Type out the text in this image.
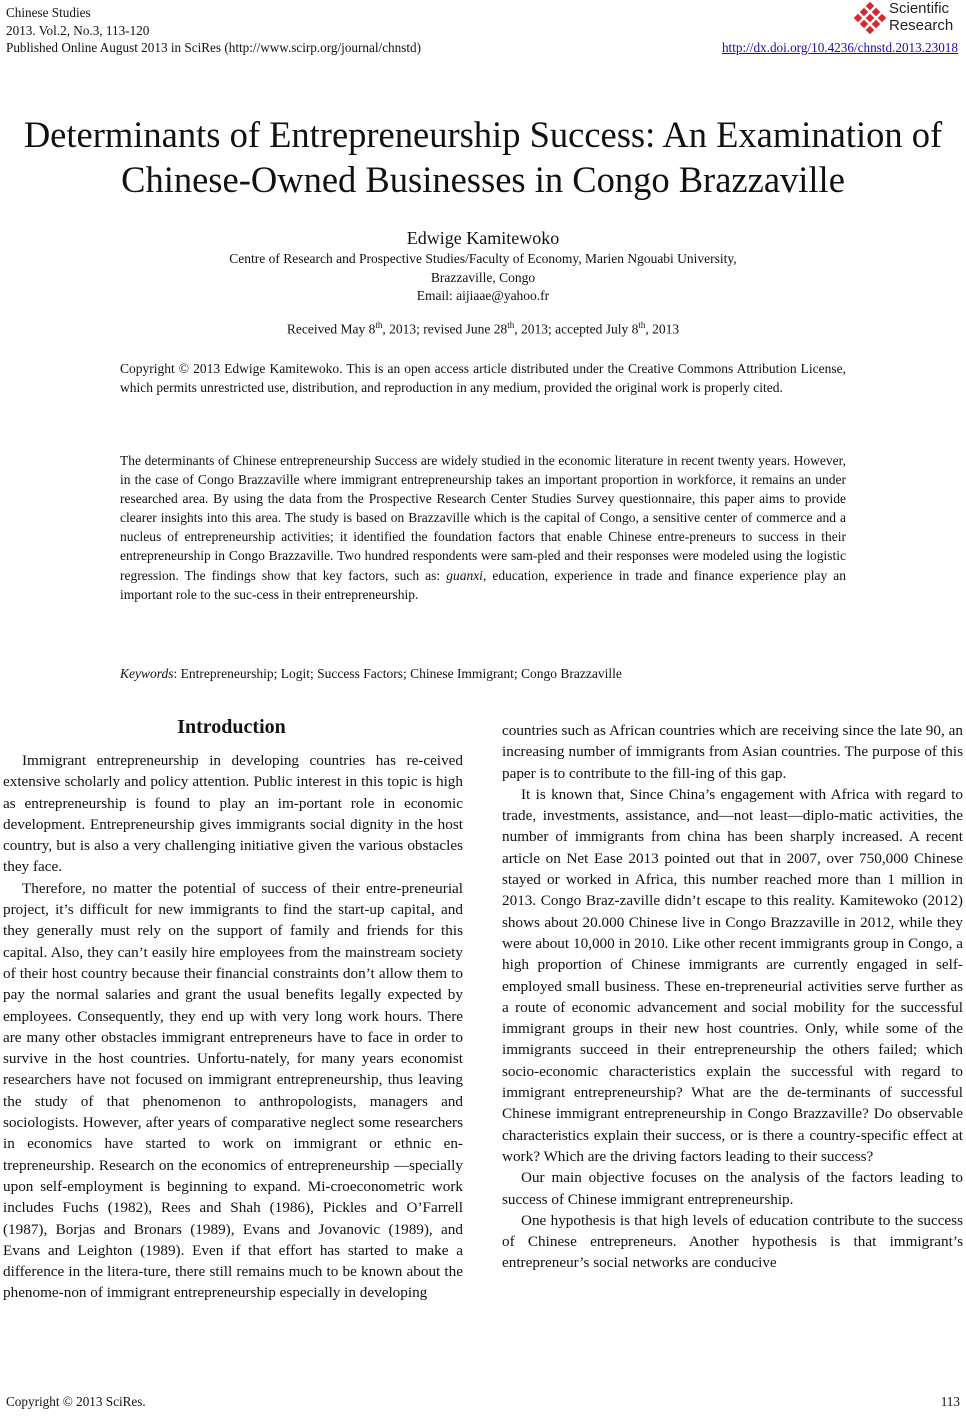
Chinese Studies
2013. Vol.2, No.3, 113-120
Published Online August 2013 in SciRes (http://www.scirp.org/journal/chnstd)
Scientific
Research
http://dx.doi.org/10.4236/chnstd.2013.23018
Determinants of Entrepreneurship Success: An Examination of
Chinese-Owned Businesses in Congo Brazzaville
Edwige Kamitewoko
Centre of Research and Prospective Studies/Faculty of Economy, Marien Ngouabi University,
Brazzaville, Congo
Email: aijiaae@yahoo.fr
Received May 8th, 2013; revised June 28th, 2013; accepted July 8th, 2013
Copyright © 2013 Edwige Kamitewoko. This is an open access article distributed under the Creative Commons Attribution License, which permits unrestricted use, distribution, and reproduction in any medium, provided the original work is properly cited.
The determinants of Chinese entrepreneurship Success are widely studied in the economic literature in recent twenty years. However, in the case of Congo Brazzaville where immigrant entrepreneurship takes an important proportion in workforce, it remains an under researched area. By using the data from the Prospective Research Center Studies Survey questionnaire, this paper aims to provide clearer insights into this area. The study is based on Brazzaville which is the capital of Congo, a sensitive center of commerce and a nucleus of entrepreneurship activities; it identified the foundation factors that enable Chinese entre-preneurs to success in their entrepreneurship in Congo Brazzaville. Two hundred respondents were sam-pled and their responses were modeled using the logistic regression. The findings show that key factors, such as: guanxi, education, experience in trade and finance experience play an important role to the suc-cess in their entrepreneurship.
Keywords: Entrepreneurship; Logit; Success Factors; Chinese Immigrant; Congo Brazzaville
Introduction

Immigrant entrepreneurship in developing countries has re-ceived extensive scholarly and policy attention. Public interest in this topic is high as entrepreneurship is found to play an im-portant role in economic development. Entrepreneurship gives immigrants social dignity in the host country, but is also a very challenging initiative given the various obstacles they face.

Therefore, no matter the potential of success of their entre-preneurial project, it’s difficult for new immigrants to find the start-up capital, and they generally must rely on the support of family and friends for this capital. Also, they can’t easily hire employees from the mainstream society of their host country because their financial constraints don’t allow them to pay the normal salaries and grant the usual benefits legally expected by employees. Consequently, they end up with very long work hours. There are many other obstacles immigrant entrepreneurs have to face in order to survive in the host countries. Unfortu-nately, for many years economist researchers have not focused on immigrant entrepreneurship, thus leaving the study of that phenomenon to anthropologists, managers and sociologists. However, after years of comparative neglect some researchers in economics have started to work on immigrant or ethnic en-trepreneurship. Research on the economics of entrepreneurship —specially upon self-employment is beginning to expand. Mi-croeconometric work includes Fuchs (1982), Rees and Shah (1986), Pickles and O’Farrell (1987), Borjas and Bronars (1989), Evans and Jovanovic (1989), and Evans and Leighton (1989). Even if that effort has started to make a difference in the litera-ture, there still remains much to be known about the phenome-non of immigrant entrepreneurship especially in developing

countries such as African countries which are receiving since the late 90, an increasing number of immigrants from Asian countries. The purpose of this paper is to contribute to the fill-ing of this gap.

It is known that, Since China’s engagement with Africa with regard to trade, investments, assistance, and—not least—diplo-matic activities, the number of immigrants from china has been sharply increased. A recent article on Net Ease 2013 pointed out that in 2007, over 750,000 Chinese stayed or worked in Africa, this number reached more than 1 million in 2013. Congo Braz-zaville didn’t escape to this reality. Kamitewoko (2012) shows about 20.000 Chinese live in Congo Brazzaville in 2012, while they were about 10,000 in 2010. Like other recent immigrants group in Congo, a high proportion of Chinese immigrants are currently engaged in self-employed small business. These en-trepreneurial activities serve further as a route of economic advancement and social mobility for the successful immigrant groups in their new host countries. Only, while some of the immigrants succeed in their entrepreneurship the others failed; which socio-economic characteristics explain the successful with regard to immigrant entrepreneurship? What are the de-terminants of successful Chinese immigrant entrepreneurship in Congo Brazzaville? Do observable characteristics explain their success, or is there a country-specific effect at work? Which are the driving factors leading to their success?

Our main objective focuses on the analysis of the factors leading to success of Chinese immigrant entrepreneurship.

One hypothesis is that high levels of education contribute to the success of Chinese entrepreneurs. Another hypothesis is that immigrant’s entrepreneur’s social networks are conducive

Copyright © 2013 SciRes.	113
